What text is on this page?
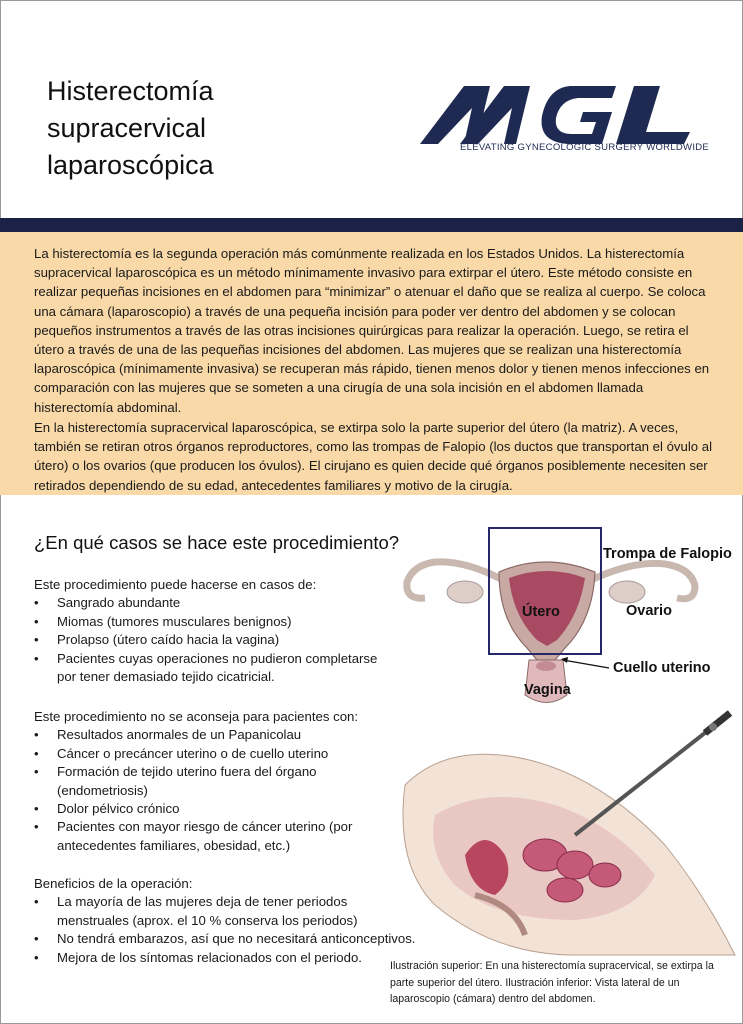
Histerectomía
supracervical
laparoscópica
AAGL
ELEVATING GYNECOLOGIC SURGERY WORLDWIDE

La histerectomía es la segunda operación más comúnmente realizada en los Estados Unidos. La histerectomía supracervical laparoscópica es un método mínimamente invasivo para extirpar el útero. Este método consiste en realizar pequeñas incisiones en el abdomen para “minimizar” o atenuar el daño que se realiza al cuerpo. Se coloca una cámara (laparoscopio) a través de una pequeña incisión para poder ver dentro del abdomen y se colocan pequeños instrumentos a través de las otras incisiones quirúrgicas para realizar la operación. Luego, se retira el útero a través de una de las pequeñas incisiones del abdomen. Las mujeres que se realizan una histerectomía laparoscópica (mínimamente invasiva) se recuperan más rápido, tienen menos dolor y tienen menos infecciones en comparación con las mujeres que se someten a una cirugía de una sola incisión en el abdomen llamada histerectomía abdominal.

En la histerectomía supracervical laparoscópica, se extirpa solo la parte superior del útero (la matriz). A veces, también se retiran otros órganos reproductores, como las trompas de Falopio (los ductos que transportan el óvulo al útero) o los ovarios (que producen los óvulos). El cirujano es quien decide qué órganos posiblemente necesiten ser retirados dependiendo de su edad, antecedentes familiares y motivo de la cirugía.

¿En qué casos se hace este procedimiento?

Este procedimiento puede hacerse en casos de:

• Sangrado abundante
• Miomas (tumores musculares benignos)
• Prolapso (útero caído hacia la vagina)
• Pacientes cuyas operaciones no pudieron completarse por tener demasiado tejido cicatricial.

Este procedimiento no se aconseja para pacientes con:

• Resultados anormales de un Papanicolau
• Cáncer o precáncer uterino o de cuello uterino
• Formación de tejido uterino fuera del órgano (endometriosis)
• Dolor pélvico crónico
• Pacientes con mayor riesgo de cáncer uterino (por antecedentes familiares, obesidad, etc.)

Beneficios de la operación:

• La mayoría de las mujeres deja de tener periodos menstruales (aprox. el 10 % conserva los periodos)
• No tendrá embarazos, así que no necesitará anticonceptivos.
• Mejora de los síntomas relacionados con el periodo.
Trompa de Falopio
Útero	Ovario
Cuello uterino
Vagina
Ilustración superior: En una histerectomía supracervical, se extirpa la parte superior del útero. Ilustración inferior: Vista lateral de un laparoscopio (cámara) dentro del abdomen.
